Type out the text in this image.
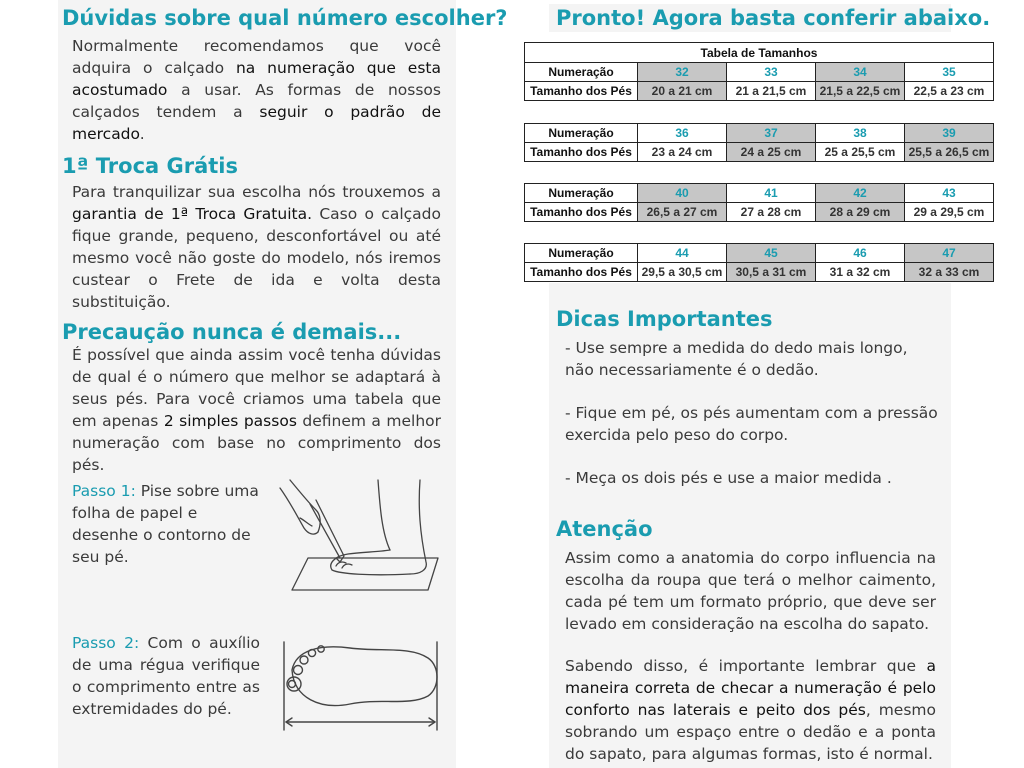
Dúvidas sobre qual número escolher?
Normalmente recomendamos que você adquira o calçado na numeração que esta acostumado a usar. As formas de nossos calçados tendem a seguir o padrão de mercado.
1ª Troca Grátis
Para tranquilizar sua escolha nós trouxemos a garantia de 1ª Troca Gratuita. Caso o calçado fique grande, pequeno, desconfortável ou até mesmo você não goste do modelo, nós iremos custear o Frete de ida e volta desta substituição.
Precaução nunca é demais...
É possível que ainda assim você tenha dúvidas de qual é o número que melhor se adaptará à seus pés. Para você criamos uma tabela que em apenas 2 simples passos definem a melhor numeração com base no comprimento dos pés.
Passo 1: Pise sobre uma folha de papel e desenhe o contorno de seu pé.
Passo 2: Com o auxílio de uma régua verifique o comprimento entre as extremidades do pé.
Pronto! Agora basta conferir abaixo.
Tabela de Tamanhos				
Numeração	32	33	34	35
Tamanho dos Pés	20 a 21 cm	21 a 21,5 cm	21,5 a 22,5 cm	22,5 a 23 cm
Numeração	36	37	38	39
Tamanho dos Pés	23 a 24 cm	24 a 25 cm	25 a 25,5 cm	25,5 a 26,5 cm
Numeração	40	41	42	43
Tamanho dos Pés	26,5 a 27 cm	27 a 28 cm	28 a 29 cm	29 a 29,5 cm
Numeração	44	45	46	47
Tamanho dos Pés	29,5 a 30,5 cm	30,5 a 31 cm	31 a 32 cm	32 a 33 cm
Dicas Importantes
- Use sempre a medida do dedo mais longo, não necessariamente é o dedão.
- Fique em pé, os pés aumentam com a pressão exercida pelo peso do corpo.
- Meça os dois pés e use a maior medida .
Atenção
Assim como a anatomia do corpo influencia na escolha da roupa que terá o melhor caimento, cada pé tem um formato próprio, que deve ser levado em consideração na escolha do sapato.
Sabendo disso, é importante lembrar que a maneira correta de checar a numeração é pelo conforto nas laterais e peito dos pés, mesmo sobrando um espaço entre o dedão e a ponta do sapato, para algumas formas, isto é normal.
